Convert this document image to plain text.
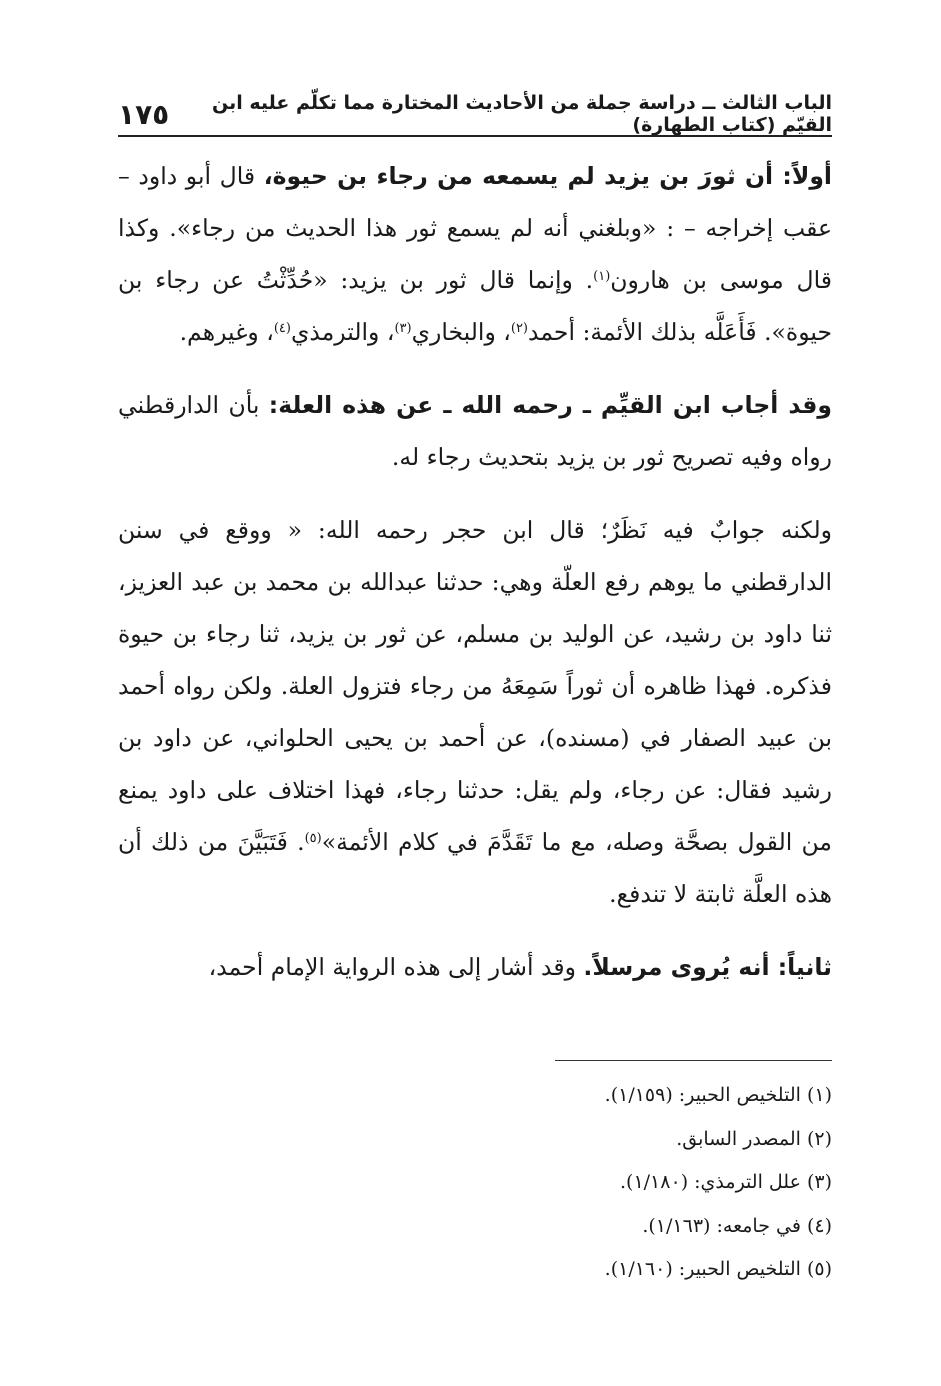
الباب الثالث ــ دراسة جملة من الأحاديث المختارة مما تكلّم عليه ابن القيّم (كتاب الطهارة)
١٧٥

أولاً: أن ثورَ بن يزيد لم يسمعه من رجاء بن حيوة، قال أبو داود – عقب إخراجه – : «وبلغني أنه لم يسمع ثور هذا الحديث من رجاء». وكذا قال موسى بن هارون$^{(١)}$. وإنما قال ثور بن يزيد: «حُدِّثْتُ عن رجاء بن حيوة». فَأَعَلَّه بذلك الأئمة: أحمد$^{(٢)}$، والبخاري$^{(٣)}$، والترمذي$^{(٤)}$، وغيرهم.

وقد أجاب ابن القيِّم ـ رحمه الله ـ عن هذه العلة: بأن الدارقطني رواه وفيه تصريح ثور بن يزيد بتحديث رجاء له.

ولكنه جوابٌ فيه نَظَرٌ؛ قال ابن حجر رحمه الله: « ووقع في سنن الدارقطني ما يوهم رفع العلّة وهي: حدثنا عبدالله بن محمد بن عبد العزيز، ثنا داود بن رشيد، عن الوليد بن مسلم، عن ثور بن يزيد، ثنا رجاء بن حيوة فذكره. فهذا ظاهره أن ثوراً سَمِعَهُ من رجاء فتزول العلة. ولكن رواه أحمد بن عبيد الصفار في (مسنده)، عن أحمد بن يحيى الحلواني، عن داود بن رشيد فقال: عن رجاء، ولم يقل: حدثنا رجاء، فهذا اختلاف على داود يمنع من القول بصحَّة وصله، مع ما تَقَدَّمَ في كلام الأئمة»$^{(٥)}$. فَتَبَيَّنَ من ذلك أن هذه العلَّة ثابتة لا تندفع.

ثانياً: أنه يُروى مرسلاً. وقد أشار إلى هذه الرواية الإمام أحمد،

(١) التلخيص الحبير: (١/١٥٩).
(٢) المصدر السابق.
(٣) علل الترمذي: (١/١٨٠).
(٤) في جامعه: (١/١٦٣).
(٥) التلخيص الحبير: (١/١٦٠).
